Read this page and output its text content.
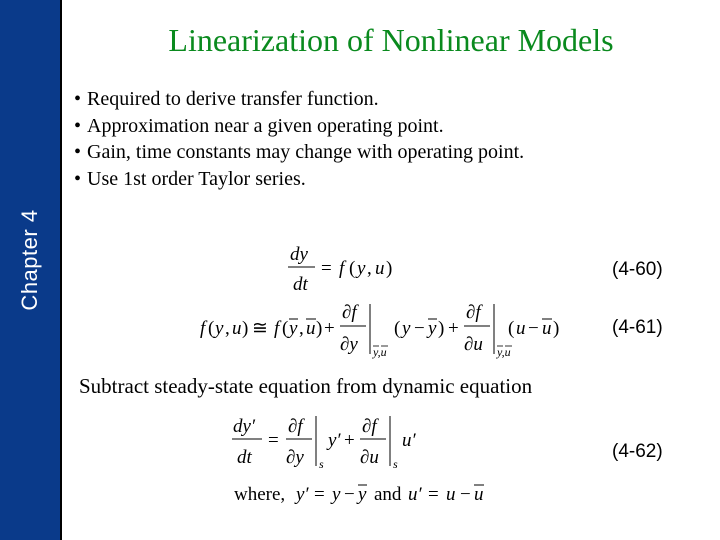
Chapter 4
Linearization of Nonlinear Models
• Required to derive transfer function.
• Approximation near a given operating point.
• Gain, time constants may change with operating point.
• Use 1st order Taylor series.
dy
dt
= f ( y , u )	(4-60)
f ( y , u ) ≅ f ( y , u ) +
∂f
∂y y,u
( y − y ) +
∂f
∂u y,u
( u − u )	(4-61)
Subtract steady-state equation from dynamic equation
dy′
dt
=
∂f
∂y s
y′ +
∂f
∂u s
u′
(4-62)
where, y′ = y − y and u′ = u − u
